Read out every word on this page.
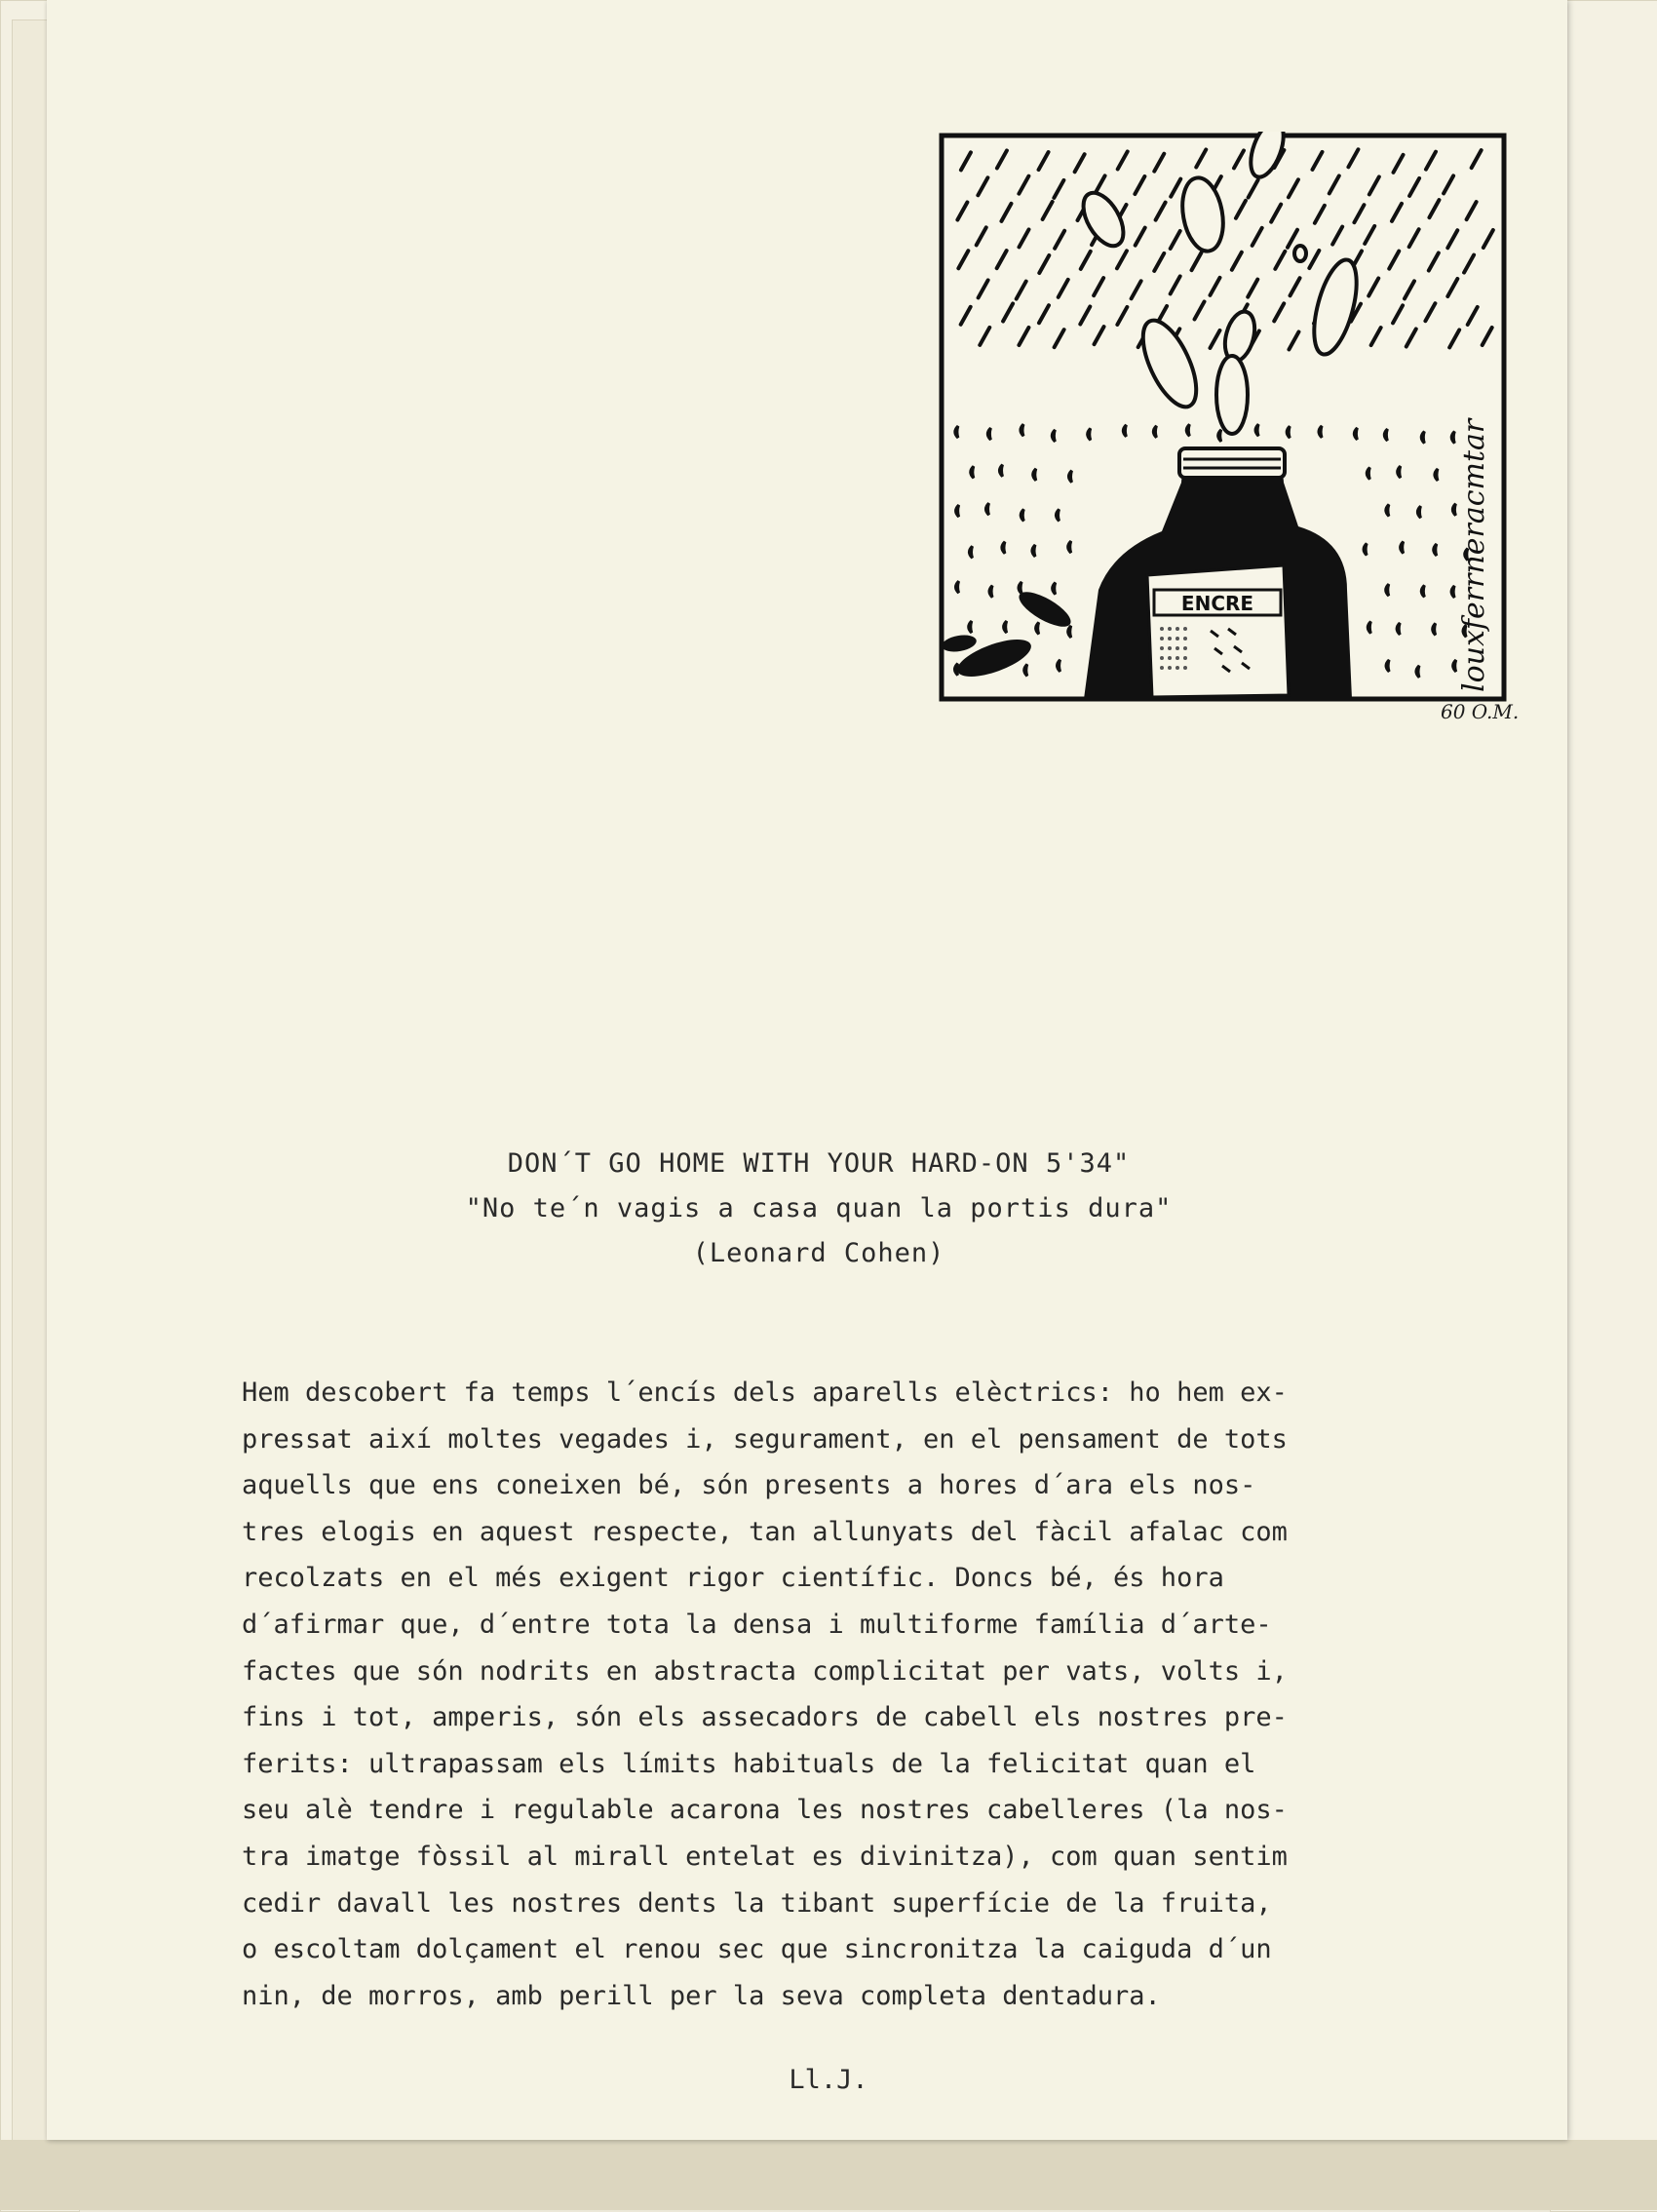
ENCRE	louxferrneracmtar
60 O.M.
DON´T GO HOME WITH YOUR HARD-ON 5'34"
"No te´n vagis a casa quan la portis dura"
(Leonard Cohen)
Hem descobert fa temps l´encís dels aparells elèctrics: ho hem ex-
pressat així moltes vegades i, segurament, en el pensament de tots
aquells que ens coneixen bé, són presents a hores d´ara els nos-
tres elogis en aquest respecte, tan allunyats del fàcil afalac com
recolzats en el més exigent rigor científic. Doncs bé, és hora
d´afirmar que, d´entre tota la densa i multiforme família d´arte-
factes que són nodrits en abstracta complicitat per vats, volts i,
fins i tot, amperis, són els assecadors de cabell els nostres pre-
ferits: ultrapassam els límits habituals de la felicitat quan el
seu alè tendre i regulable acarona les nostres cabelleres (la nos-
tra imatge fòssil al mirall entelat es divinitza), com quan sentim
cedir davall les nostres dents la tibant superfície de la fruita,
o escoltam dolçament el renou sec que sincronitza la caiguda d´un
nin, de morros, amb perill per la seva completa dentadura.
Ll.J.
